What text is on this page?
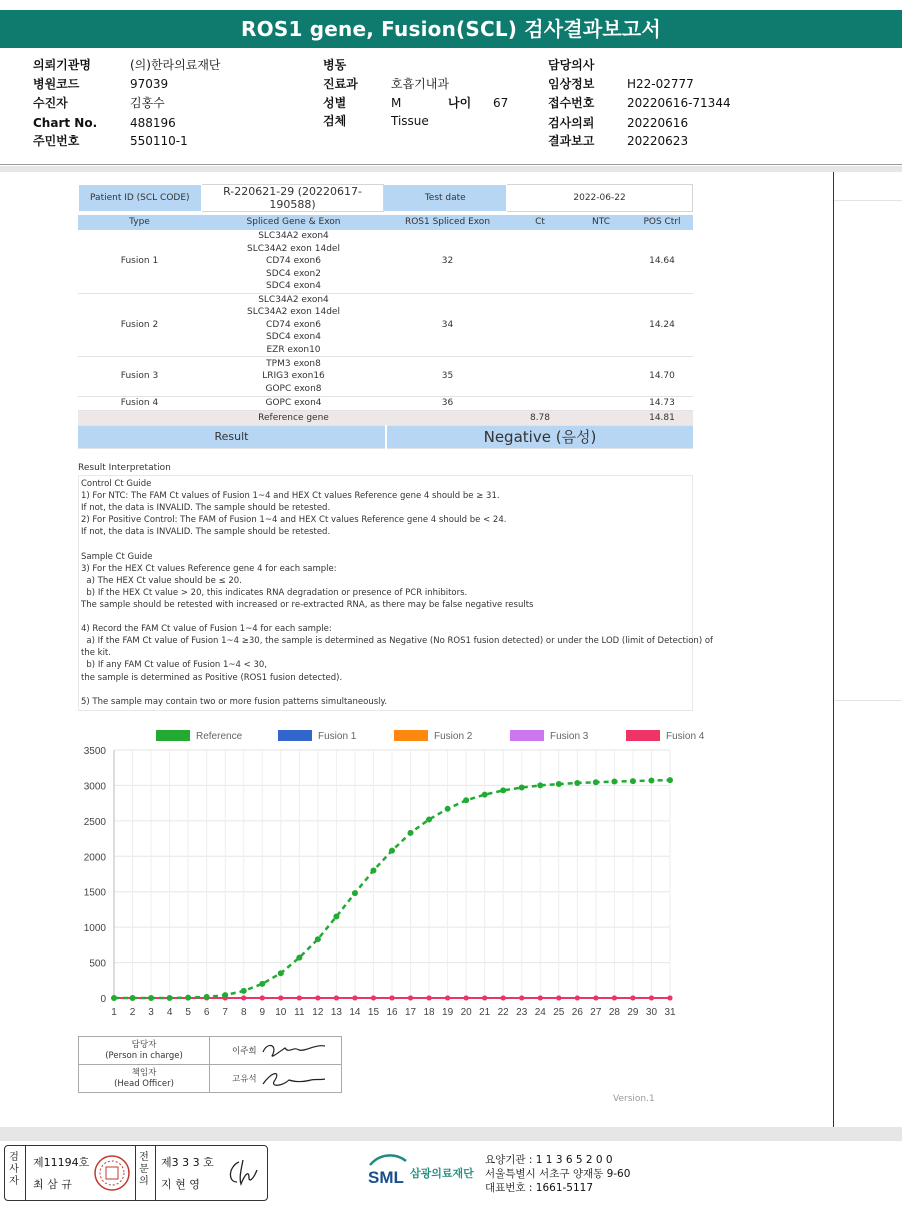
ROS1 gene, Fusion(SCL) 검사결과보고서
의뢰기관명	(의)한라의료재단
병원코드	97039
수진자	김홍수
Chart No.	488196
주민번호	550110-1
병동
진료과	호흡기내과
성별	M	나이 67
검체	Tissue
담당의사
임상정보	H22-02777
접수번호	20220616-71344
검사의뢰	20220616
결과보고	20220623
Patient ID (SCL CODE)	R-220621-29 (20220617-190588)	Test date	2022-06-22
Type	Spliced Gene & Exon	ROS1 Spliced Exon	Ct	NTC	POS Ctrl
Fusion 1	SLC34A2 exon4
SLC34A2 exon 14del
CD74 exon6
SDC4 exon2
SDC4 exon4	32			14.64
Fusion 2	SLC34A2 exon4
SLC34A2 exon 14del
CD74 exon6
SDC4 exon4
EZR exon10	34			14.24
Fusion 3	TPM3 exon8
LRIG3 exon16
GOPC exon8	35			14.70
Fusion 4	GOPC exon4	36			14.73
Reference gene			8.78		14.81
Result		Negative (음성)			
Result Interpretation
Control Ct Guide
1) For NTC: The FAM Ct values of Fusion 1~4 and HEX Ct values Reference gene 4 should be ≥ 31.
If not, the data is INVALID. The sample should be retested.
2) For Positive Control: The FAM of Fusion 1~4 and HEX Ct values Reference gene 4 should be < 24.
If not, the data is INVALID. The sample should be retested.
Sample Ct Guide
3) For the HEX Ct values Reference gene 4 for each sample:
a) The HEX Ct value should be ≤ 20.
b) If the HEX Ct value > 20, this indicates RNA degradation or presence of PCR inhibitors.
The sample should be retested with increased or re-extracted RNA, as there may be false negative results
4) Record the FAM Ct value of Fusion 1~4 for each sample:
a) If the FAM Ct value of Fusion 1~4 ≥30, the sample is determined as Negative (No ROS1 fusion detected) or under the LOD (limit of Detection) of
the kit.
b) If any FAM Ct value of Fusion 1~4 < 30,
the sample is determined as Positive (ROS1 fusion detected).
5) The sample may contain two or more fusion patterns simultaneously.
0
500
1000
1500
2000
2500
3000
3500
1 2 3 4 5 6 7 8 9 10 11 12 13 14 15 16 17 18 19 20 21 22 23 24 25 26 27 28 29 30 31
Reference	Fusion 1	Fusion 2	Fusion 3	Fusion 4
담당자
(Person in charge)	이주희

책임자
(Head Officer)	고유석
Version.1
검
사
자
제11194호
최 삼 규
전
문
의
제3 3 3 호
지 현 영	SML 삼광의료재단
요양기관 : 1 1 3 6 5 2 0 0
서울특별시 서초구 양재동 9-60
대표번호 : 1661-5117
